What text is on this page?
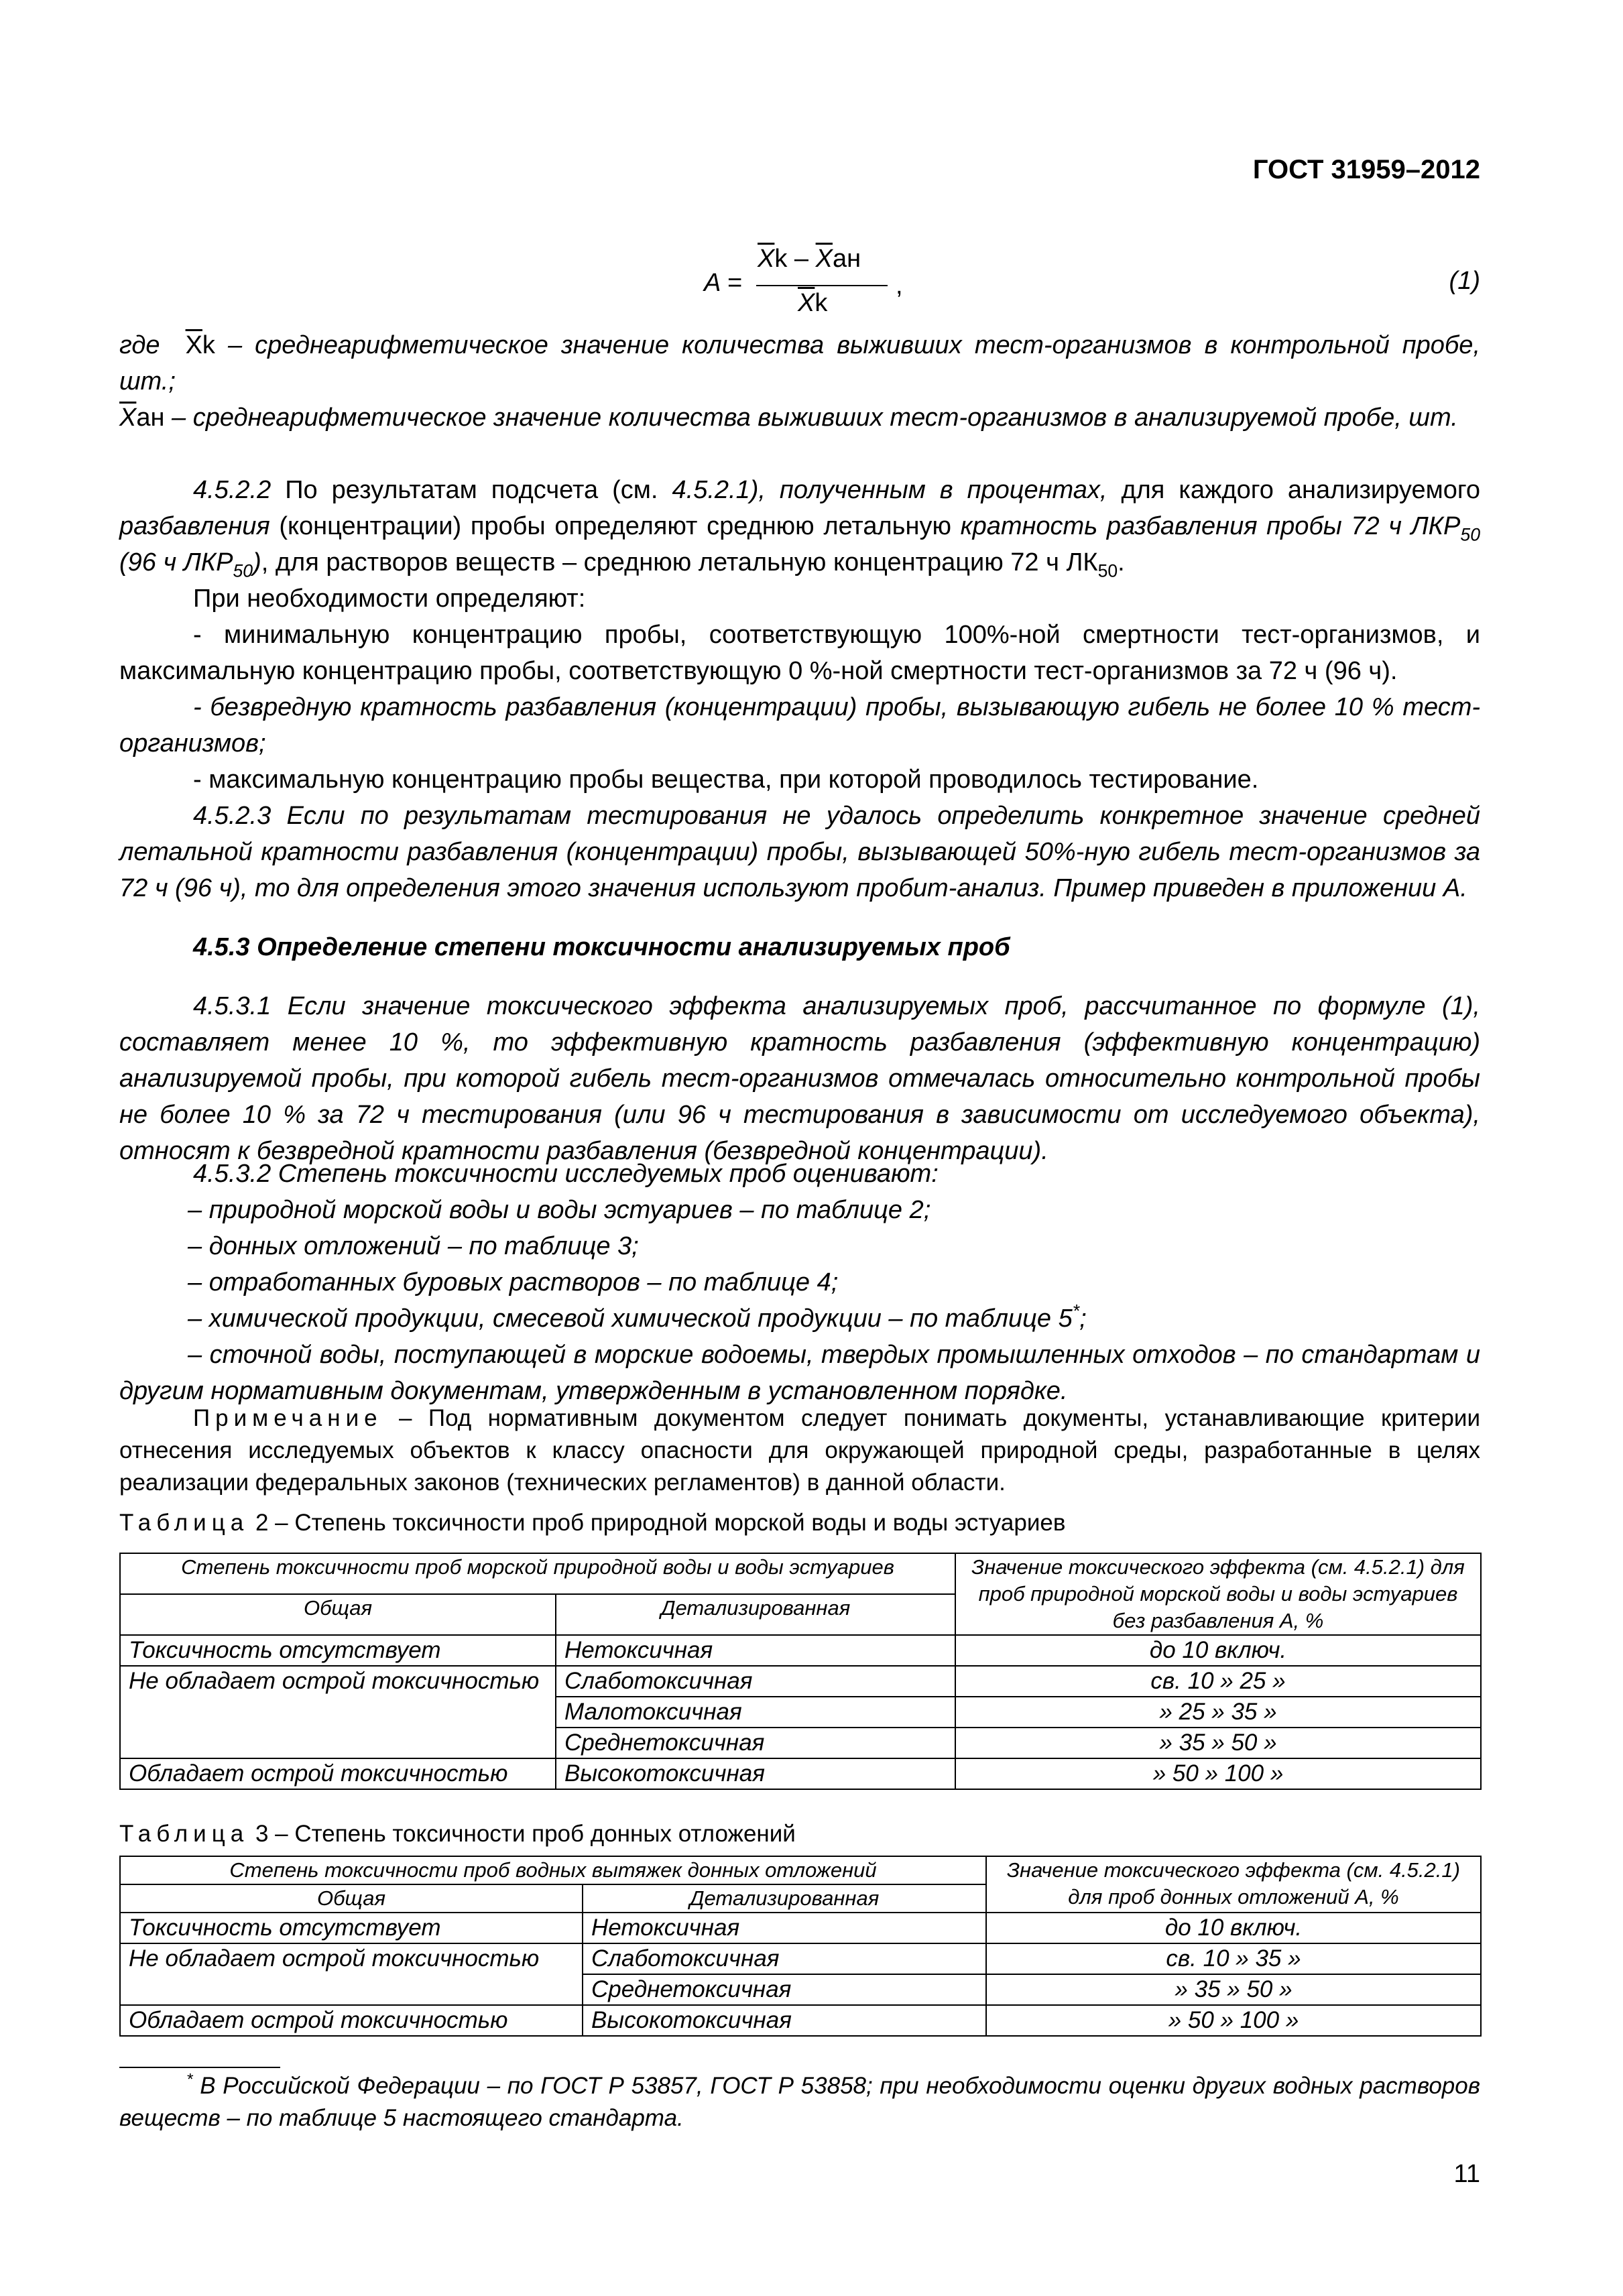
ГОСТ 31959–2012
A =
$\overline{X}k - \overline{X}ан$
$\overline{X}k$
,	(1)
где $\overline{X}k$ – среднеарифметическое значение количества выживших тест-организмов в контрольной пробе, шт.;
$\overline{X}ан$ – среднеарифметическое значение количества выживших тест-организмов в анализируемой пробе, шт.
4.5.2.2 По результатам подсчета (см. 4.5.2.1), полученным в процентах, для каждого анализируемого разбавления (концентрации) пробы определяют среднюю летальную кратность разбавления пробы 72 ч $ЛКР_{50}$ (96 ч $ЛКР_{50}$), для растворов веществ – среднюю летальную концентрацию 72 ч $ЛК_{50}$.
При необходимости определяют:
- минимальную концентрацию пробы, соответствующую 100%-ной смертности тест-организмов, и максимальную концентрацию пробы, соответствующую 0 %-ной смертности тест-организмов за 72 ч (96 ч).
- безвредную кратность разбавления (концентрации) пробы, вызывающую гибель не более 10 % тест-организмов;
- максимальную концентрацию пробы вещества, при которой проводилось тестирование.
4.5.2.3 Если по результатам тестирования не удалось определить конкретное значение средней летальной кратности разбавления (концентрации) пробы, вызывающей 50%-ную гибель тест-организмов за 72 ч (96 ч), то для определения этого значения используют пробит-анализ. Пример приведен в приложении А.
4.5.3 Определение степени токсичности анализируемых проб
4.5.3.1 Если значение токсического эффекта анализируемых проб, рассчитанное по формуле (1), составляет менее 10 %, то эффективную кратность разбавления (эффективную концентрацию) анализируемой пробы, при которой гибель тест-организмов отмечалась относительно контрольной пробы не более 10 % за 72 ч тестирования (или 96 ч тестирования в зависимости от исследуемого объекта), относят к безвредной кратности разбавления (безвредной концентрации).
4.5.3.2 Степень токсичности исследуемых проб оценивают:
– природной морской воды и воды эстуариев – по таблице 2;
– донных отложений – по таблице 3;
– отработанных буровых растворов – по таблице 4;
– химической продукции, смесевой химической продукции – по таблице 5*;
– сточной воды, поступающей в морские водоемы, твердых промышленных отходов – по стандартам и другим нормативным документам, утвержденным в установленном порядке.
Примечание – Под нормативным документом следует понимать документы, устанавливающие критерии отнесения исследуемых объектов к классу опасности для окружающей природной среды, разработанные в целях реализации федеральных законов (технических регламентов) в данной области.
Таблица 2 – Степень токсичности проб природной морской воды и воды эстуариев
Степень токсичности проб морской природной воды и воды эстуариев		Значение токсического эффекта (см. 4.5.2.1) для проб природной морской воды и воды эстуариев без разбавления А, %
Общая	Детализированная	
Токсичность отсутствует	Нетоксичная	до 10 включ.
Не обладает острой токсичностью	Слаботоксичная	св. 10 » 25 »
	Малотоксичная	» 25 » 35 »
	Среднетоксичная	» 35 » 50 »
Обладает острой токсичностью	Высокотоксичная	» 50 » 100 »
Таблица 3 – Степень токсичности проб донных отложений
Степень токсичности проб водных вытяжек донных отложений		Значение токсического эффекта (см. 4.5.2.1) для проб донных отложений А, %
Общая	Детализированная	
Токсичность отсутствует	Нетоксичная	до 10 включ.
Не обладает острой токсичностью	Слаботоксичная	св. 10 » 35 »
	Среднетоксичная	» 35 » 50 »
Обладает острой токсичностью	Высокотоксичная	» 50 » 100 »
* В Российской Федерации – по ГОСТ Р 53857, ГОСТ Р 53858; при необходимости оценки других водных растворов веществ – по таблице 5 настоящего стандарта.
11
